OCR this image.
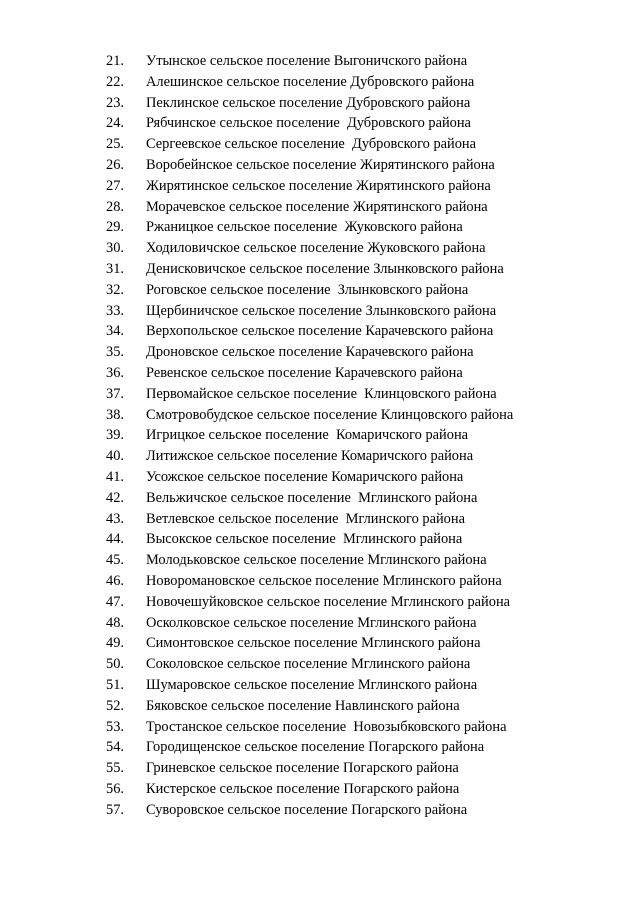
21. Утынское сельское поселение Выгоничского района
22. Алешинское сельское поселение Дубровского района
23. Пеклинское сельское поселение Дубровского района
24. Рябчинское сельское поселение  Дубровского района
25. Сергеевское сельское поселение  Дубровского района
26. Воробейнское сельское поселение Жирятинского района
27. Жирятинское сельское поселение Жирятинского района
28. Морачевское сельское поселение Жирятинского района
29. Ржаницкое сельское поселение  Жуковского района
30. Ходиловичское сельское поселение Жуковского района
31. Денисковичское сельское поселение Злынковского района
32. Роговское сельское поселение  Злынковского района
33. Щербиничское сельское поселение Злынковского района
34. Верхопольское сельское поселение Карачевского района
35. Дроновское сельское поселение Карачевского района
36. Ревенское сельское поселение Карачевского района
37. Первомайское сельское поселение  Клинцовского района
38. Смотровобудское сельское поселение Клинцовского района
39. Игрицкое сельское поселение  Комаричского района
40. Литижское сельское поселение Комаричского района
41. Усожское сельское поселение Комаричского района
42. Вельжичское сельское поселение  Мглинского района
43. Ветлевское сельское поселение  Мглинского района
44. Высокское сельское поселение  Мглинского района
45. Молодьковское сельское поселение Мглинского района
46. Новоромановское сельское поселение Мглинского района
47. Новочешуйковское сельское поселение Мглинского района
48. Осколковское сельское поселение Мглинского района
49. Симонтовское сельское поселение Мглинского района
50. Соколовское сельское поселение Мглинского района
51. Шумаровское сельское поселение Мглинского района
52. Бяковское сельское поселение Навлинского района
53. Тростанское сельское поселение  Новозыбковского района
54. Городищенское сельское поселение Погарского района
55. Гриневское сельское поселение Погарского района
56. Кистерское сельское поселение Погарского района
57. Суворовское сельское поселение Погарского района
